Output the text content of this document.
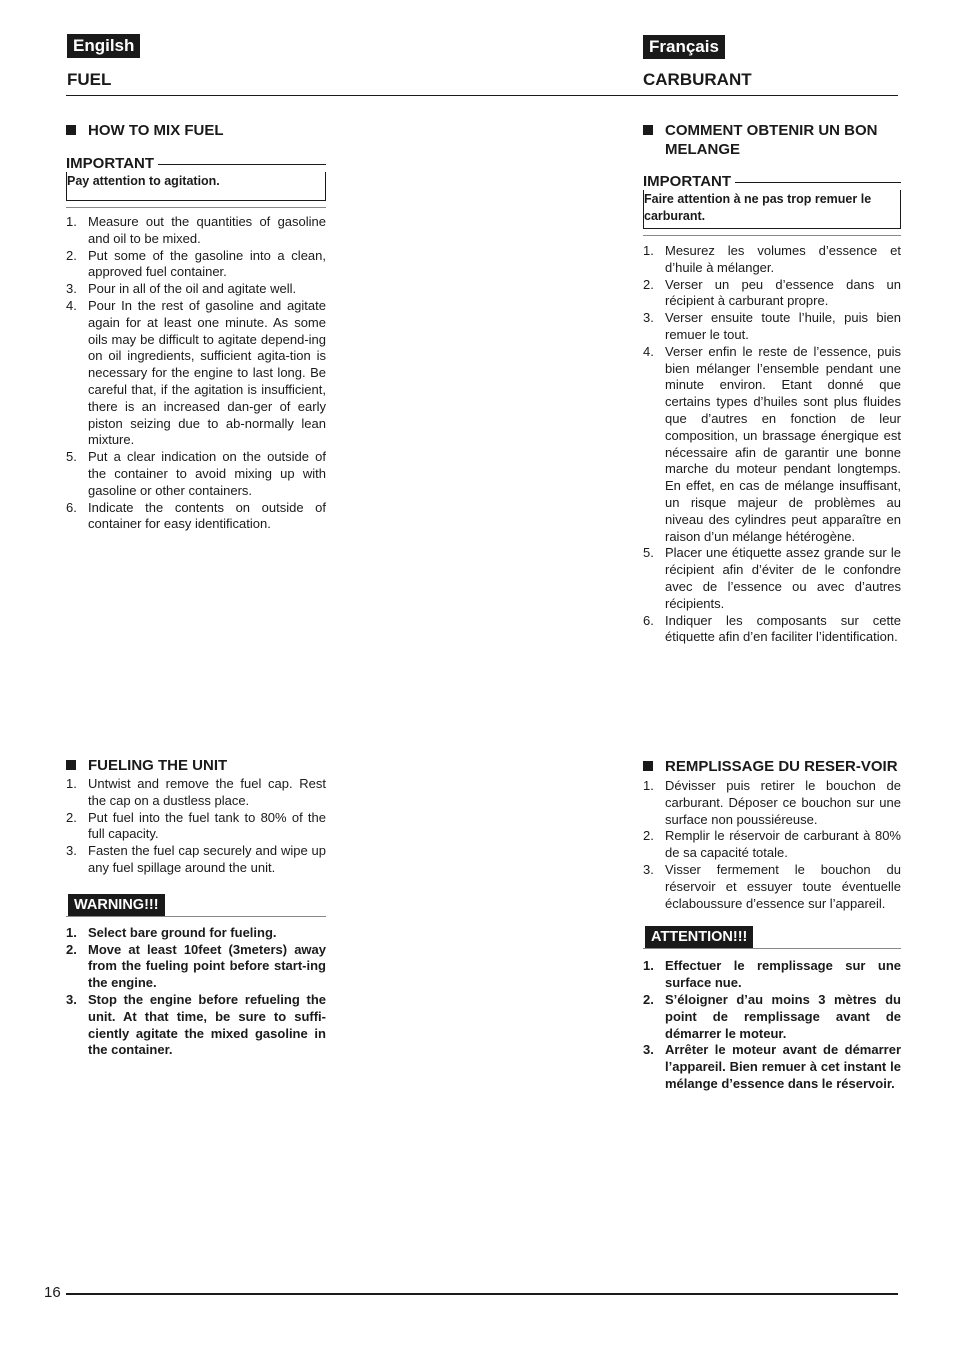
Engilsh	Français
FUEL	CARBURANT
HOW TO MIX FUEL
IMPORTANT
Pay attention to agitation.
1. Measure out the quantities of gasoline and oil to be mixed.
2. Put some of the gasoline into a clean, approved fuel container.
3. Pour in all of the oil and agitate well.
4. Pour In the rest of gasoline and agitate again for at least one minute. As some oils may be difficult to agitate depend-ing on oil ingredients, sufficient agita-tion is necessary for the engine to last long. Be careful that, if the agitation is insufficient, there is an increased dan-ger of early piston seizing due to ab-normally lean mixture.
5. Put a clear indication on the outside of the container to avoid mixing up with gasoline or other containers.
6. Indicate the contents on outside of container for easy identification.
COMMENT OBTENIR UN BON MELANGE
IMPORTANT
Faire attention à ne pas trop remuer le carburant.
1. Mesurez les volumes d’essence et d’huile à mélanger.
2. Verser un peu d’essence dans un récipient à carburant propre.
3. Verser ensuite toute l’huile, puis bien remuer le tout.
4. Verser enfin le reste de l’essence, puis bien mélanger l’ensemble pendant une minute environ. Etant donné que certains types d’huiles sont plus fluides que d’autres en fonction de leur composition, un brassage énergique est nécessaire afin de garantir une bonne marche du moteur pendant longtemps. En effet, en cas de mélange insuffisant, un risque majeur de problèmes au niveau des cylindres peut apparaître en raison d’un mélange hétérogène.
5. Placer une étiquette assez grande sur le récipient afin d’éviter de le confondre avec de l’essence ou avec d’autres récipients.
6. Indiquer les composants sur cette étiquette afin d’en faciliter l’identification.
FUELING THE UNIT
1. Untwist and remove the fuel cap. Rest the cap on a dustless place.
2. Put fuel into the fuel tank to 80% of the full capacity.
3. Fasten the fuel cap securely and wipe up any fuel spillage around the unit.
WARNING!!!
1. Select bare ground for fueling.
2. Move at least 10feet (3meters) away from the fueling point before start-ing the engine.
3. Stop the engine before refueling the unit. At that time, be sure to suffi-ciently agitate the mixed gasoline in the container.
REMPLISSAGE DU RESER-VOIR
1. Dévisser puis retirer le bouchon de carburant. Déposer ce bouchon sur une surface non poussiéreuse.
2. Remplir le réservoir de carburant à 80% de sa capacité totale.
3. Visser fermement le bouchon du réservoir et essuyer toute éventuelle éclaboussure d’essence sur l’appareil.
ATTENTION!!!
1. Effectuer le remplissage sur une surface nue.
2. S’éloigner d’au moins 3 mètres du point de remplissage avant de démarrer le moteur.
3. Arrêter le moteur avant de démarrer l’appareil. Bien remuer à cet instant le mélange d’essence dans le réservoir.
16
